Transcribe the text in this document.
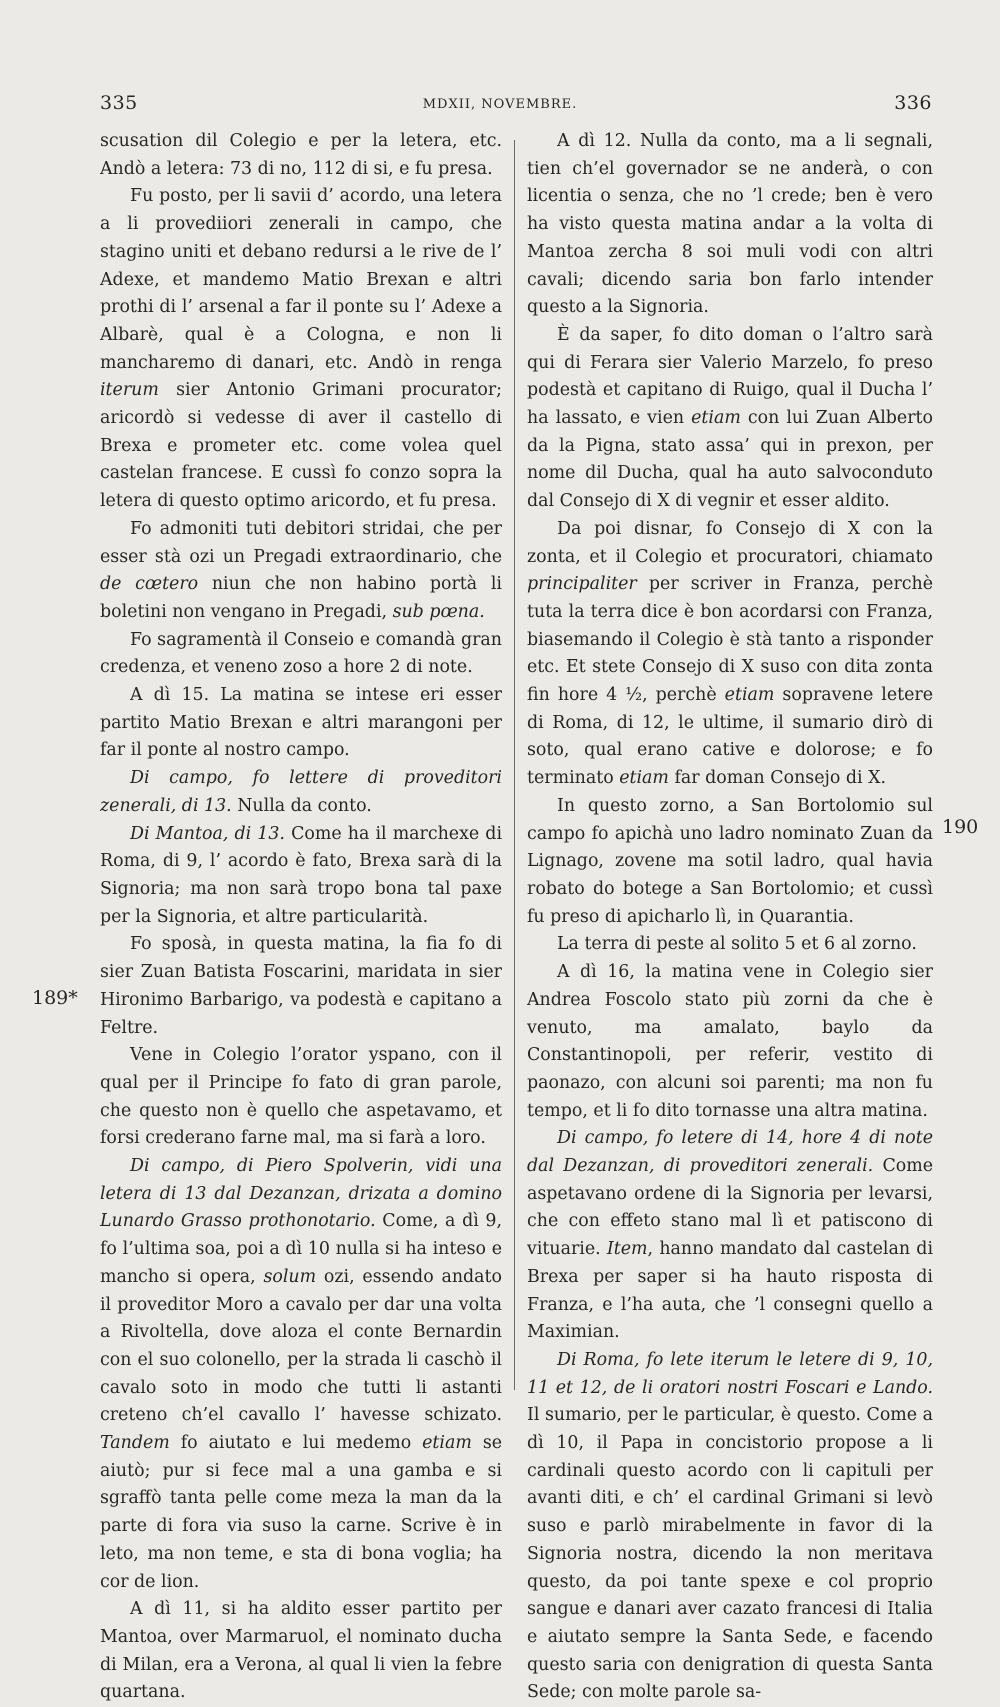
335	MDXII, NOVEMBRE.	336
189*
190

scusation dil Colegio e per la letera, etc. Andò a letera: 73 di no, 112 di si, e fu presa.

Fu posto, per li savii d’ acordo, una letera a li provediiori zenerali in campo, che stagino uniti et debano redursi a le rive de l’ Adexe, et mandemo Matio Brexan e altri prothi di l’ arsenal a far il ponte su l’ Adexe a Albarè, qual è a Cologna, e non li mancharemo di danari, etc. Andò in renga iterum sier Antonio Grimani procurator; aricordò si vedesse di aver il castello di Brexa e prometer etc. come volea quel castelan francese. E cussì fo conzo sopra la letera di questo optimo aricordo, et fu presa.

Fo admoniti tuti debitori stridai, che per esser stà ozi un Pregadi extraordinario, che de cœtero niun che non habino portà li boletini non vengano in Pregadi, sub pœna.

Fo sagramentà il Conseio e comandà gran credenza, et veneno zoso a hore 2 di note.

A dì 15. La matina se intese eri esser partito Matio Brexan e altri marangoni per far il ponte al nostro campo.

Di campo, fo lettere di proveditori zenerali, di 13. Nulla da conto.

Di Mantoa, di 13. Come ha il marchexe di Roma, di 9, l’ acordo è fato, Brexa sarà di la Signoria; ma non sarà tropo bona tal paxe per la Signoria, et altre particularità.

Fo sposà, in questa matina, la fia fo di sier Zuan Batista Foscarini, maridata in sier Hironimo Barbarigo, va podestà e capitano a Feltre.

Vene in Colegio l’orator yspano, con il qual per il Principe fo fato di gran parole, che questo non è quello che aspetavamo, et forsi crederano farne mal, ma si farà a loro.

Di campo, di Piero Spolverin, vidi una letera di 13 dal Dezanzan, drizata a domino Lunardo Grasso prothonotario. Come, a dì 9, fo l’ultima soa, poi a dì 10 nulla si ha inteso e mancho si opera, solum ozi, essendo andato il proveditor Moro a cavalo per dar una volta a Rivoltella, dove aloza el conte Bernardin con el suo colonello, per la strada li caschò il cavalo soto in modo che tutti li astanti creteno ch’el cavallo l’ havesse schizato. Tandem fo aiutato e lui medemo etiam se aiutò; pur si fece mal a una gamba e si sgraffò tanta pelle come meza la man da la parte di fora via suso la carne. Scrive è in leto, ma non teme, e sta di bona voglia; ha cor de lion.

A dì 11, si ha aldito esser partito per Mantoa, over Marmaruol, el nominato ducha di Milan, era a Verona, al qual li vien la febre quartana.

A dì 12. Nulla da conto, ma a li segnali, tien ch’el governador se ne anderà, o con licentia o senza, che no ’l crede; ben è vero ha visto questa matina andar a la volta di Mantoa zercha 8 soi muli vodi con altri cavali; dicendo saria bon farlo intender questo a la Signoria.

È da saper, fo dito doman o l’altro sarà qui di Ferara sier Valerio Marzelo, fo preso podestà et capitano di Ruigo, qual il Ducha l’ ha lassato, e vien etiam con lui Zuan Alberto da la Pigna, stato assa’ qui in prexon, per nome dil Ducha, qual ha auto salvoconduto dal Consejo di X di vegnir et esser aldito.

Da poi disnar, fo Consejo di X con la zonta, et il Colegio et procuratori, chiamato principaliter per scriver in Franza, perchè tuta la terra dice è bon acordarsi con Franza, biasemando il Colegio è stà tanto a risponder etc. Et stete Consejo di X suso con dita zonta fin hore 4 ½, perchè etiam sopravene letere di Roma, di 12, le ultime, il sumario dirò di soto, qual erano cative e dolorose; e fo terminato etiam far doman Consejo di X.

In questo zorno, a San Bortolomio sul campo fo apichà uno ladro nominato Zuan da Lignago, zovene ma sotil ladro, qual havia robato do botege a San Bortolomio; et cussì fu preso di apicharlo lì, in Quarantia.

La terra di peste al solito 5 et 6 al zorno.

A dì 16, la matina vene in Colegio sier Andrea Foscolo stato più zorni da che è venuto, ma amalato, baylo da Constantinopoli, per referir, vestito di paonazo, con alcuni soi parenti; ma non fu tempo, et li fo dito tornasse una altra matina.

Di campo, fo letere di 14, hore 4 di note dal Dezanzan, di proveditori zenerali. Come aspetavano ordene di la Signoria per levarsi, che con effeto stano mal lì et patiscono di vituarie. Item, hanno mandato dal castelan di Brexa per saper si ha hauto risposta di Franza, e l’ha auta, che ’l consegni quello a Maximian.

Di Roma, fo lete iterum le letere di 9, 10, 11 et 12, de li oratori nostri Foscari e Lando. Il sumario, per le particular, è questo. Come a dì 10, il Papa in concistorio propose a li cardinali questo acordo con li capituli per avanti diti, e ch’ el cardinal Grimani si levò suso e parlò mirabelmente in favor di la Signoria nostra, dicendo la non meritava questo, da poi tante spexe e col proprio sangue e danari aver cazato francesi di Italia e aiutato sempre la Santa Sede, e facendo questo saria con denigration di questa Santa Sede; con molte parole sa-
